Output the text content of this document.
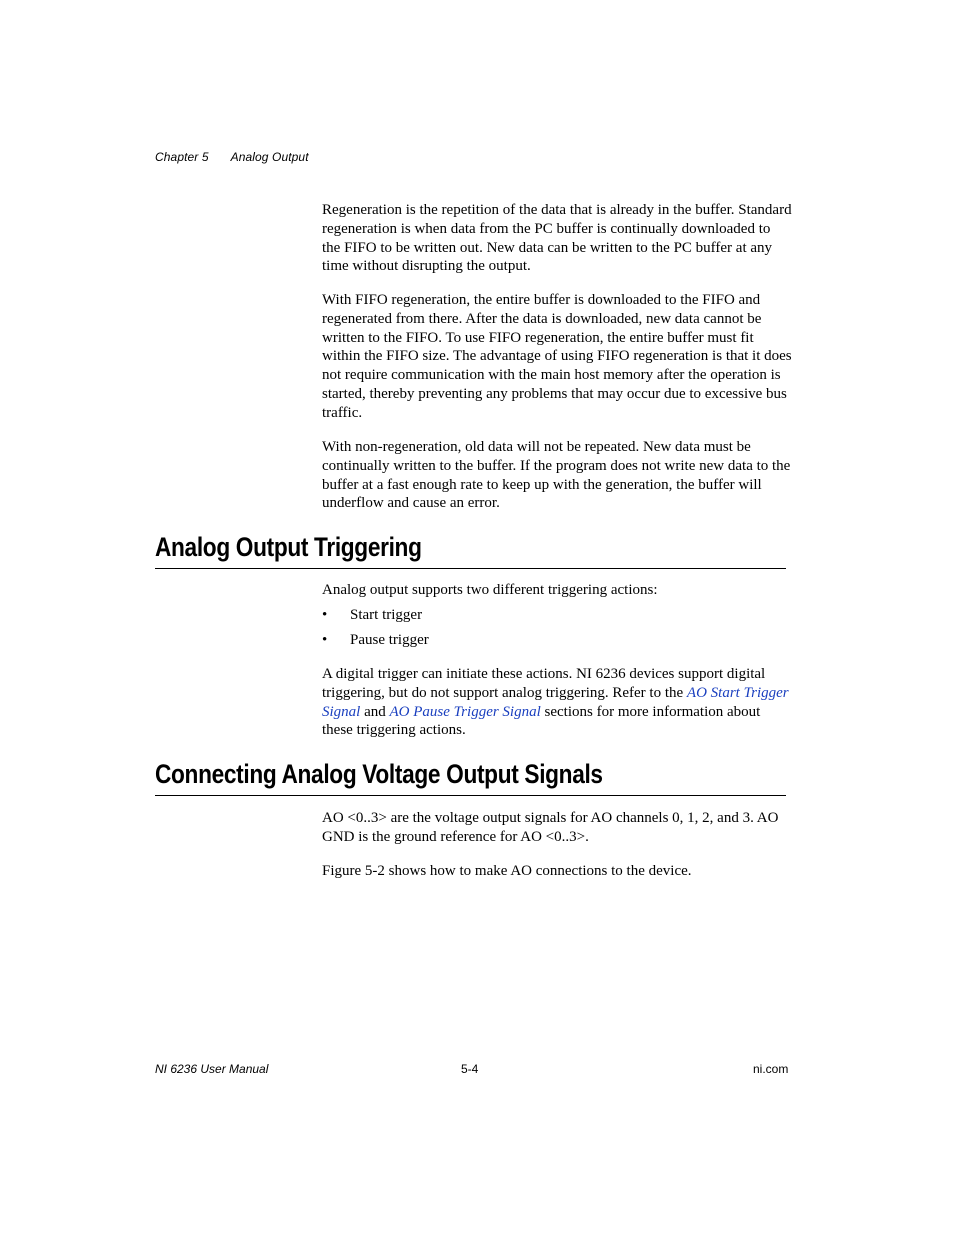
Chapter 5 Analog Output

Regeneration is the repetition of the data that is already in the buffer. Standard regeneration is when data from the PC buffer is continually downloaded to the FIFO to be written out. New data can be written to the PC buffer at any time without disrupting the output.

With FIFO regeneration, the entire buffer is downloaded to the FIFO and regenerated from there. After the data is downloaded, new data cannot be written to the FIFO. To use FIFO regeneration, the entire buffer must fit within the FIFO size. The advantage of using FIFO regeneration is that it does not require communication with the main host memory after the operation is started, thereby preventing any problems that may occur due to excessive bus traffic.

With non-regeneration, old data will not be repeated. New data must be continually written to the buffer. If the program does not write new data to the buffer at a fast enough rate to keep up with the generation, the buffer will underflow and cause an error.

Analog Output Triggering

Analog output supports two different triggering actions:

• Start trigger
• Pause trigger

A digital trigger can initiate these actions. NI 6236 devices support digital triggering, but do not support analog triggering. Refer to the AO Start Trigger Signal and AO Pause Trigger Signal sections for more information about these triggering actions.

Connecting Analog Voltage Output Signals

AO <0..3> are the voltage output signals for AO channels 0, 1, 2, and 3. AO GND is the ground reference for AO <0..3>.

Figure 5-2 shows how to make AO connections to the device.

NI 6236 User Manual	5-4	ni.com
